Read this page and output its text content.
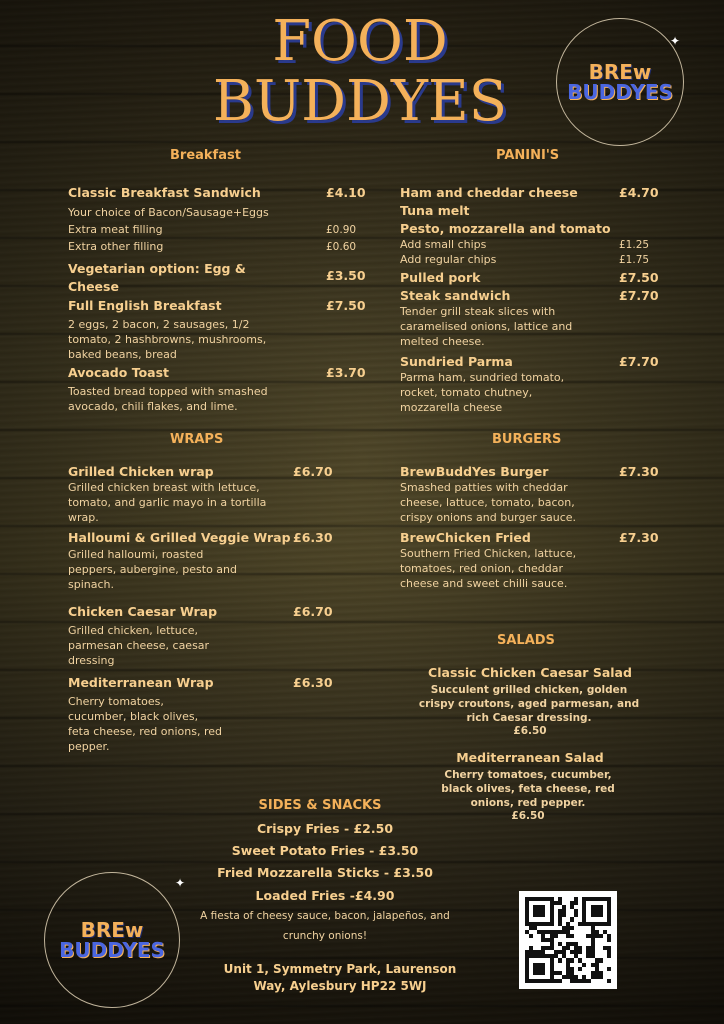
FOOD
BUDDYES	BREw
BUDDYES
✦
Breakfast
Classic Breakfast Sandwich	£4.10
Your choice of Bacon/Sausage+Eggs
Extra meat filling	£0.90
Extra other filling	£0.60
Vegetarian option: Egg & Cheese
£3.50
Full English Breakfast	£7.50
2 eggs, 2 bacon, 2 sausages, 1/2 tomato, 2 hashbrowns, mushrooms, baked beans, bread
Avocado Toast	£3.70
Toasted bread topped with smashed avocado, chili flakes, and lime.
PANINI'S
Ham and cheddar cheese	£4.70
Tuna melt
Pesto, mozzarella and tomato
Add small chips	£1.25
Add regular chips	£1.75
Pulled pork	£7.50
Steak sandwich	£7.70
Tender grill steak slices with caramelised onions, lattice and melted cheese.
Sundried Parma	£7.70
Parma ham, sundried tomato, rocket, tomato chutney, mozzarella cheese
WRAPS
Grilled Chicken wrap	£6.70
Grilled chicken breast with lettuce, tomato, and garlic mayo in a tortilla wrap.
Halloumi & Grilled Veggie Wrap £6.30
Grilled halloumi, roasted peppers, aubergine, pesto and spinach.
Chicken Caesar Wrap	£6.70
Grilled chicken, lettuce, parmesan cheese, caesar dressing
Mediterranean Wrap	£6.30
Cherry tomatoes, cucumber, black olives, feta cheese, red onions, red pepper.
BURGERS
BrewBuddYes Burger	£7.30
Smashed patties with cheddar cheese, lattuce, tomato, bacon, crispy onions and burger sauce.
BrewChicken Fried	£7.30
Southern Fried Chicken, lattuce, tomatoes, red onion, cheddar cheese and sweet chilli sauce.
SALADS
Classic Chicken Caesar Salad
Succulent grilled chicken, golden crispy croutons, aged parmesan, and rich Caesar dressing.
£6.50
Mediterranean Salad
Cherry tomatoes, cucumber, black olives, feta cheese, red onions, red pepper.
£6.50
SIDES & SNACKS
Crispy Fries - £2.50
Sweet Potato Fries - £3.50
Fried Mozzarella Sticks - £3.50
Loaded Fries -£4.90
A fiesta of cheesy sauce, bacon, jalapeños, and
crunchy onions!
Unit 1, Symmetry Park, Laurenson
Way, Aylesbury HP22 5WJ
BREw
BUDDYES
✦
